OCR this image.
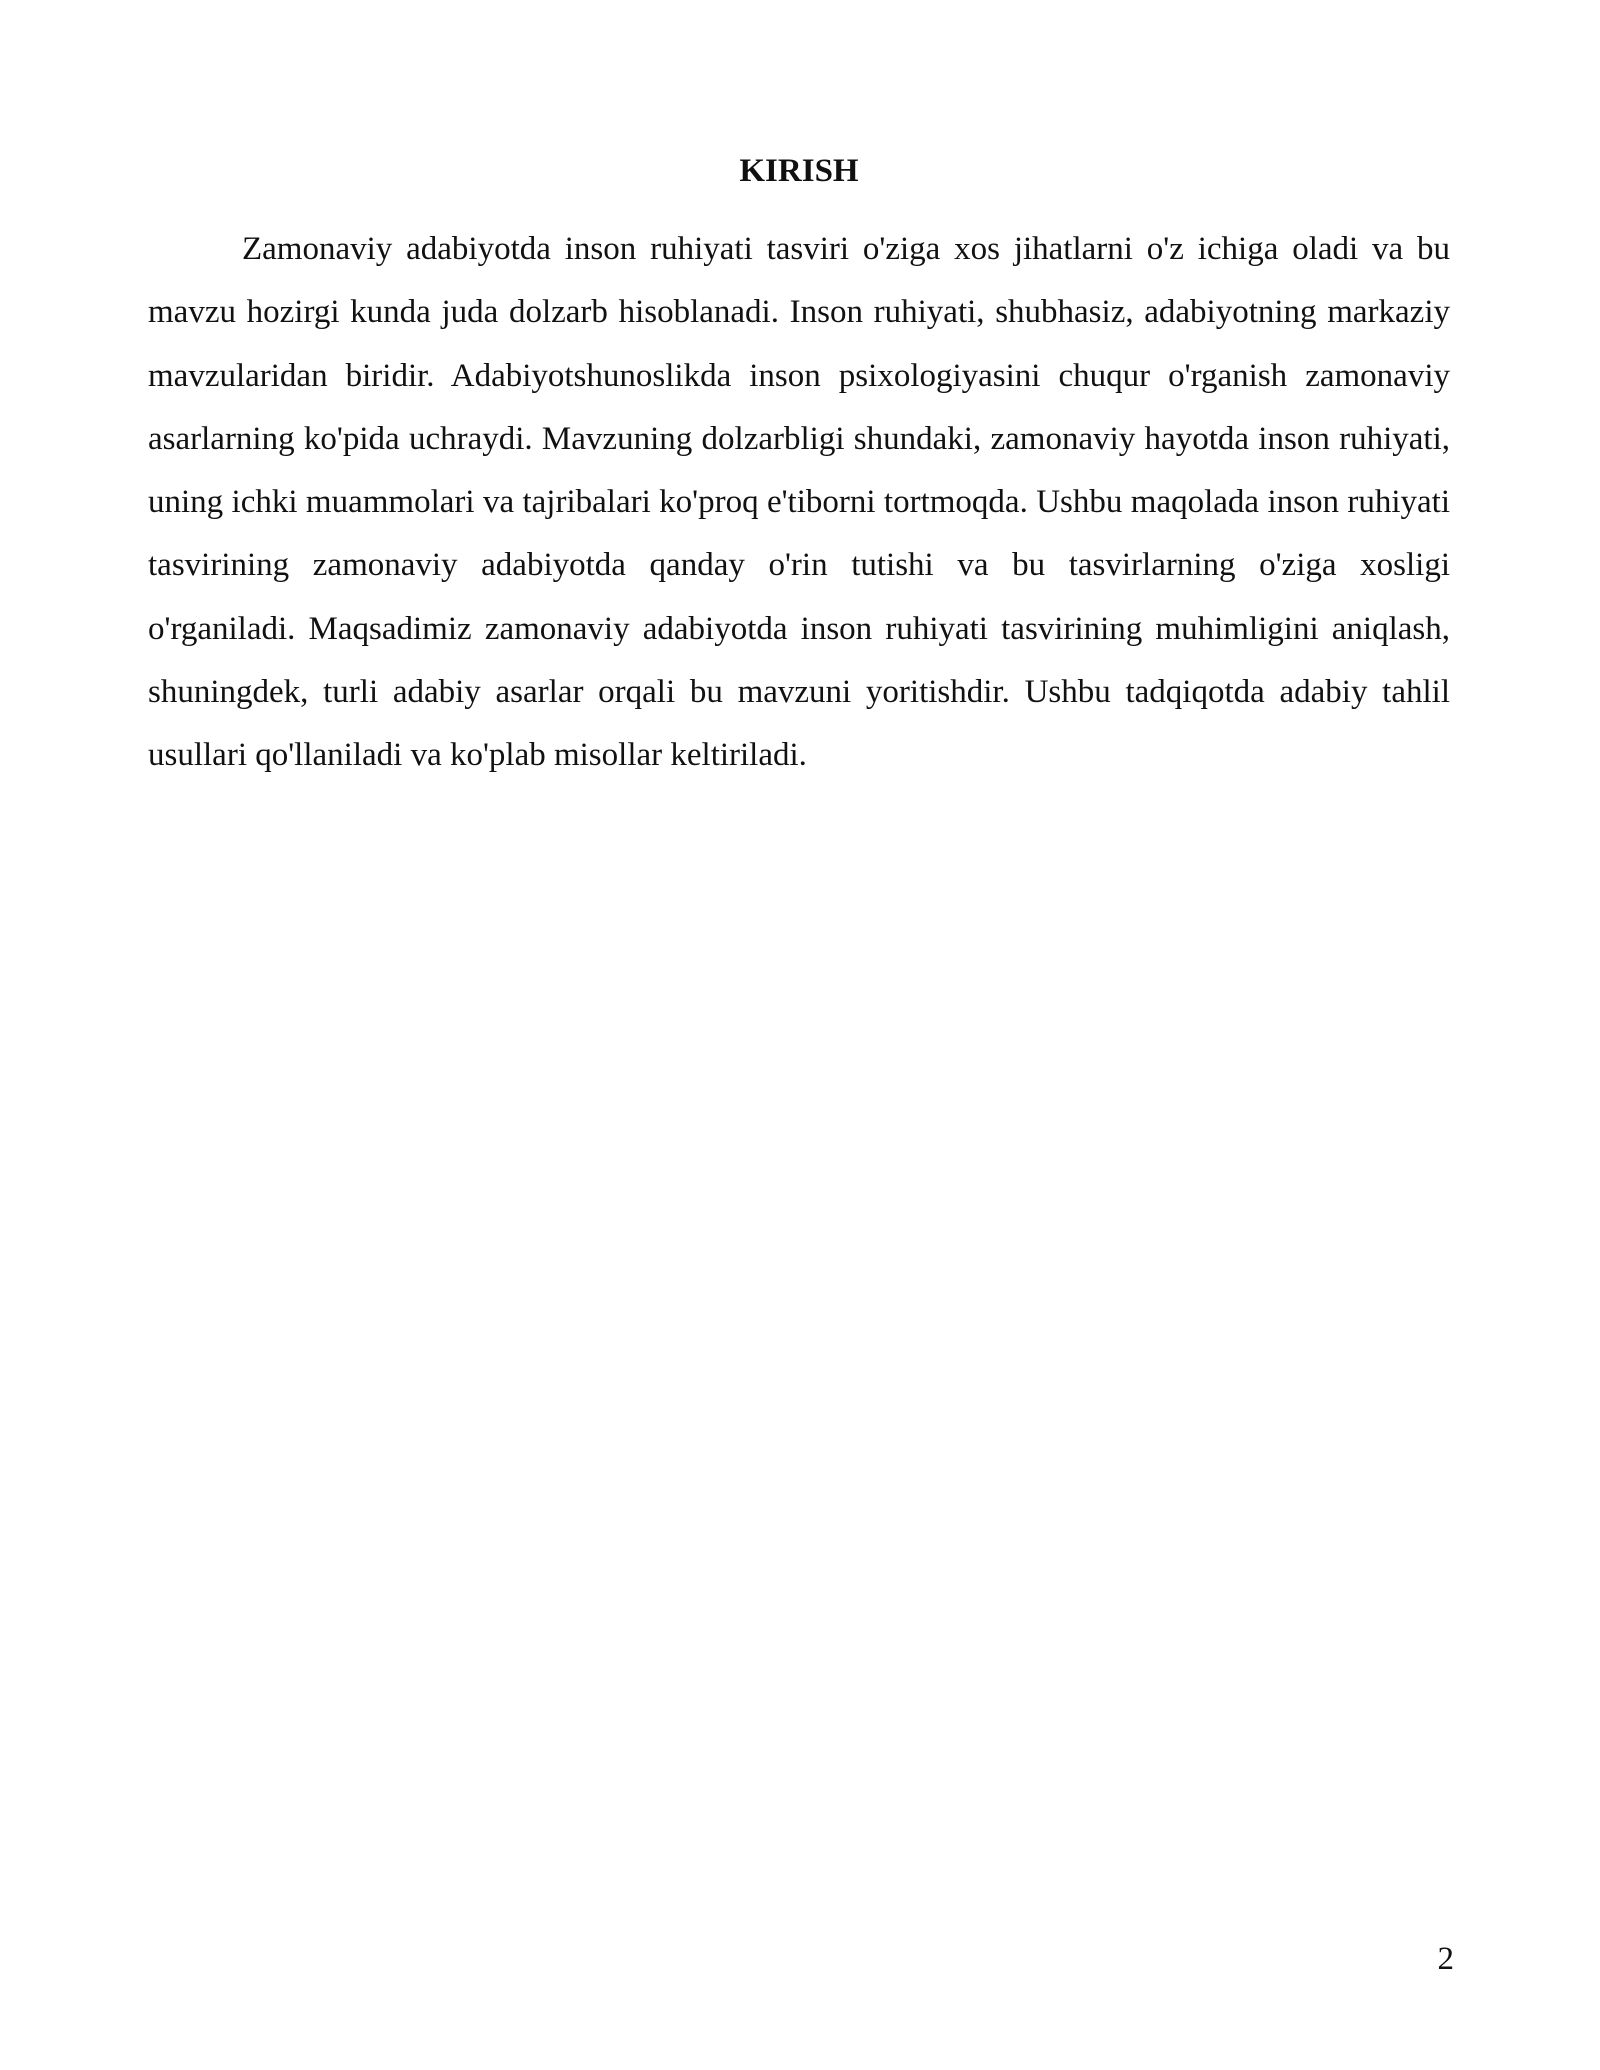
KIRISH

Zamonaviy adabiyotda inson ruhiyati tasviri o'ziga xos jihatlarni o'z ichiga oladi va bu mavzu hozirgi kunda juda dolzarb hisoblanadi. Inson ruhiyati, shubhasiz, adabiyotning markaziy mavzularidan biridir. Adabiyotshunoslikda inson psixologiyasini chuqur o'rganish zamonaviy asarlarning ko'pida uchraydi. Mavzuning dolzarbligi shundaki, zamonaviy hayotda inson ruhiyati, uning ichki muammolari va tajribalari ko'proq e'tiborni tortmoqda. Ushbu maqolada inson ruhiyati tasvirining zamonaviy adabiyotda qanday o'rin tutishi va bu tasvirlarning o'ziga xosligi o'rganiladi. Maqsadimiz zamonaviy adabiyotda inson ruhiyati tasvirining muhimligini aniqlash, shuningdek, turli adabiy asarlar orqali bu mavzuni yoritishdir. Ushbu tadqiqotda adabiy tahlil usullari qo'llaniladi va ko'plab misollar keltiriladi.

2
